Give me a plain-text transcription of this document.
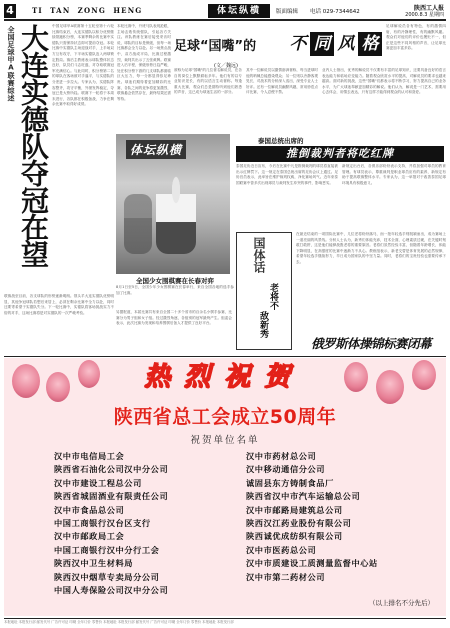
4	TI  TAN  ZONG  HENG	体坛纵横	版面编辑 电话 029-7344642	陕西工人报
2000.8.3 星期四
全国足球甲A联赛综述 大连实德队夺冠在望 中国足球甲A联赛第十五轮至第十六轮比赛结束后，大连实德队以积分优势继续领跑积分榜，本赛季剩余的比赛中实德队只需保持状态即可提前夺冠。本轮比赛中实德队主场迎战对手，上半场双方互有攻守，下半场实德队连入两球锁定胜局。赛后主教练表示球队整体状态良好，队员们斗志旺盛，对夺取联赛冠军充满信心。与此同时，积分榜第二名的球队在客场被对手逼平，与实德队的分差进一步拉大。专家认为，实德队阵容整齐，攻守平衡，外援发挥稳定，夺冠已是大势所趋。联赛下一轮将于本周末进行，各队都在积极备战，力争在剩余比赛中取得好成绩。
本轮比赛中，升班马队表现抢眼，主场击败传统强队，引起各方关注。该队教练在赛后接受采访时说，球队的目标是保级，但每一场比赛都会全力以赴。另一场焦点战中，双方战成平局，比赛过程激烈，裁判共出示了五张黄牌。联赛进入后半程，保级形势日趋严峻，处在积分榜下游的几支球队都面临巨大压力，每一分都显得弥足珍贵。球迷们期待着更加精彩的比赛，各队之间的竞争将更加激烈，联赛悬念依然存在，最终结果还需等待。
足球“国嘴”的 不 同 风 格
(文／魏远)
足球解说员各有特色，有的激情四射，有的冷静理性，有的幽默风趣。观众们对他们的评价也褒贬不一，但正是这些不同风格的声音，让足球比赛更加丰富多彩。
被称为足球"国嘴"的几位著名解说员，在各自的岗位上默默耕耘多年。他们有的以专业知识见长，有的以语言生动著称。每逢重大比赛，观众们总是期待听到他们熟悉的声音，这已成为球迷生活的一部分。
其中一位解说员以激情澎湃著称，每当进球时他的呐喊总能感染观众；另一位则以冷静客观见长，对战术的分析深入浅出，深受专业人士好评。还有一位解说员幽默风趣，常用妙语点评比赛，令人忍俊不禁。
业内人士指出，优秀的解说员不仅要有丰富的足球知识，还要具备良好的语言表达能力和临场应变能力。随着观众欣赏水平的提高，对解说员的要求也越来越高。面对新的挑战，这些"国嘴"们都表示将不断学习，努力提高自己的业务水平，为广大球迷奉献更加精彩的解说。他们认为，解说是一门艺术，需要用心去体会，用情去表达，只有这样才能得到观众的认可和喜爱。
体坛纵横
全国少女围棋赛在长春对弈
8月1日至5日，全国少年少女围棋赛在长春举行，来自全国各地的选手参加了比赛。
泰国总统出席的
推倒裁判者将吃红牌
泰国足协近日宣布，今后在比赛中凡是推倒裁判的球员将直接被出示红牌罚下。这一规定在泰国总统出席的足协会议上通过。足协官员表示，此举旨在维护裁判权威，净化赛场风气。近年来泰国联赛中曾多次出现球员与裁判发生冲突的事件，影响恶劣。
新规定出台后，各俱乐部纷纷表示支持，并将加强对球员的教育管理。有球员表示，尊重裁判是职业球员应有的素养，新规定有助于提高联赛整体水平。专家认为，这一举措对于改善泰国足球环境具有积极意义。
国体话
老将不
敌新秀
在最近结束的一项国际比赛中，几位老将纷纷落马，而一批年轻选手则脱颖而出，成为赛场上一道亮丽的风景线。分析人士认为，新秀们体能充沛，技术全面，心理素质过硬，在关键时刻敢打敢拼，这是他们能够战胜老将的重要原因。老将们虽然经验丰富，但随着年龄增长，体能下降明显，在高强度的比赛中逐渐力不从心。教练组表示，新老交替是体育发展的必然规律，希望年轻选手继续努力，早日成为国家队的中坚力量。同时，老将们的宝贵经验也需要传承下去。
另据报道，本届比赛共有来自全国二十多个省市的百余名小棋手参赛，比赛分为男子组和女子组。经过激烈角逐，各组别的冠军最终产生。组委会表示，此次比赛为发现和培养围棋后备人才提供了良好平台。
联赛战至目前，各支球队的形势逐渐明朗。领头羊大连实德队优势明显，其他争冠球队若想后来居上，必须在剩余比赛中全力以赴，同时还要寄希望于实德队失分。下一轮比赛中，实德队将客场挑战实力不俗的对手，这场比赛将是对实德队的一次严峻考验。
俄罗斯体操锦标赛闭幕
热烈祝贺
陕西省总工会成立50周年
祝贺单位名单
汉中市电信局工会
陕西省石油化公司汉中分公司
汉中市建设工程总公司
陕西省城固酒业有限责任公司
汉中市食品总公司
中国工商银行汉台区支行
汉中市邮政局工会
中国工商银行汉中分行工会
陕西汉中卫生材料局
陕西汉中烟草专卖局分公司
中国人寿保险公司汉中分公司
汉中市药材总公司
汉中移动通信分公司
诚固县东方铸制食品厂
陕西省汉中市汽车运输总公司
汉中市邮路局建筑总公司
陕西汉江药业股份有限公司
陕西诚优成纺织有限公司
汉中市医药总公司
汉中市质建设工质测量监督中心站
汉中市第二药材公司
（以上排名不分先后）
本报地址 本报发行部 邮发代号 广告许可证 印刷 全年订价 零售价 本报地址 本报发行部 邮发代号 广告许可证 印刷 全年订价 零售价 本报地址 本报发行部
